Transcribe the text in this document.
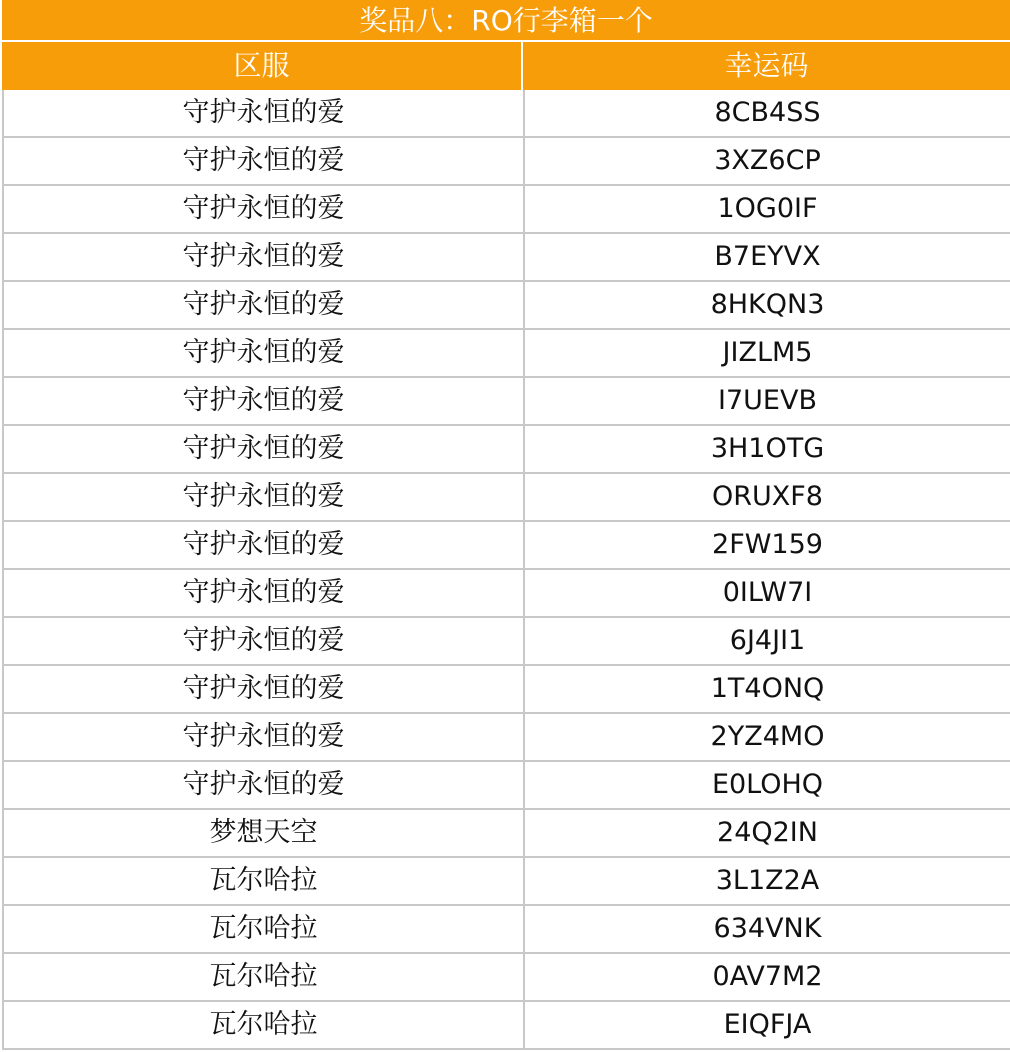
奖品八：RO行李箱一个
区服	幸运码
守护永恒的爱	8CB4SS
守护永恒的爱	3XZ6CP
守护永恒的爱	1OG0IF
守护永恒的爱	B7EYVX
守护永恒的爱	8HKQN3
守护永恒的爱	JIZLM5
守护永恒的爱	I7UEVB
守护永恒的爱	3H1OTG
守护永恒的爱	ORUXF8
守护永恒的爱	2FW159
守护永恒的爱	0ILW7I
守护永恒的爱	6J4JI1
守护永恒的爱	1T4ONQ
守护永恒的爱	2YZ4MO
守护永恒的爱	E0LOHQ
梦想天空	24Q2IN
瓦尔哈拉	3L1Z2A
瓦尔哈拉	634VNK
瓦尔哈拉	0AV7M2
瓦尔哈拉	EIQFJA
